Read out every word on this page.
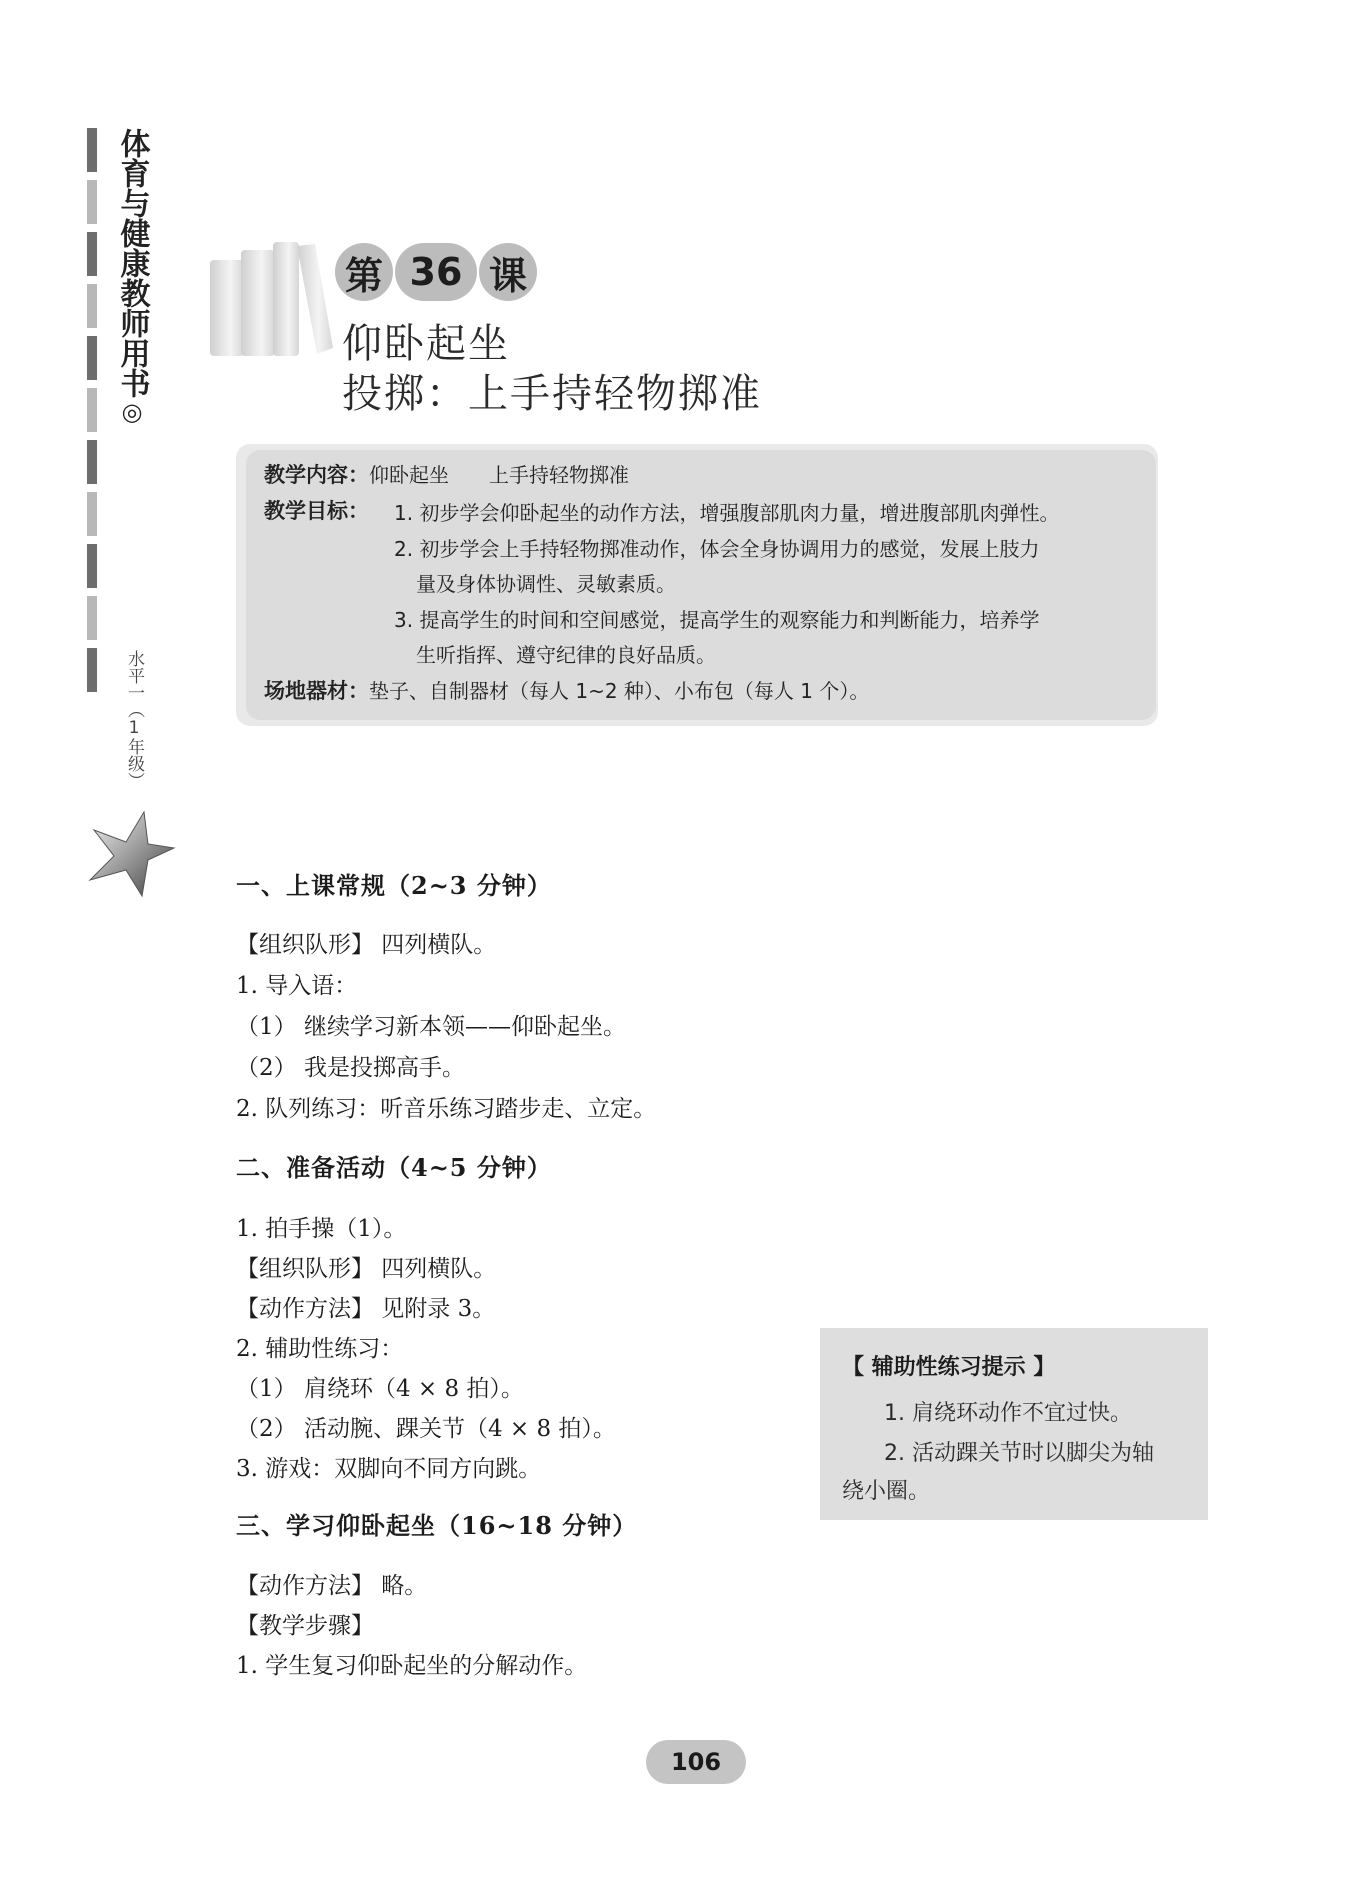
体育与健康教师用书
◎
水平一（1年级）
第 36 课
仰卧起坐
投掷：上手持轻物掷准
教学内容：仰卧起坐　　上手持轻物掷准
教学目标： 1. 初步学会仰卧起坐的动作方法，增强腹部肌肉力量，增进腹部肌肉弹性。
2. 初步学会上手持轻物掷准动作，体会全身协调用力的感觉，发展上肢力
量及身体协调性、灵敏素质。
3. 提高学生的时间和空间感觉，提高学生的观察能力和判断能力，培养学
生听指挥、遵守纪律的良好品质。
场地器材：垫子、自制器材（每人 1~2 种）、小布包（每人 1 个）。
一、上课常规（2~3 分钟）
【组织队形】 四列横队。
1. 导入语：
（1） 继续学习新本领——仰卧起坐。
（2） 我是投掷高手。
2. 队列练习：听音乐练习踏步走、立定。
二、准备活动（4~5 分钟）
1. 拍手操（1）。
【组织队形】 四列横队。
【动作方法】 见附录 3。
2. 辅助性练习：
（1） 肩绕环（4 × 8 拍）。
（2） 活动腕、踝关节（4 × 8 拍）。
3. 游戏：双脚向不同方向跳。
三、学习仰卧起坐（16~18 分钟）
【动作方法】 略。
【教学步骤】
1. 学生复习仰卧起坐的分解动作。
【 辅助性练习提示 】
1. 肩绕环动作不宜过快。
2. 活动踝关节时以脚尖为轴
绕小圈。
106
